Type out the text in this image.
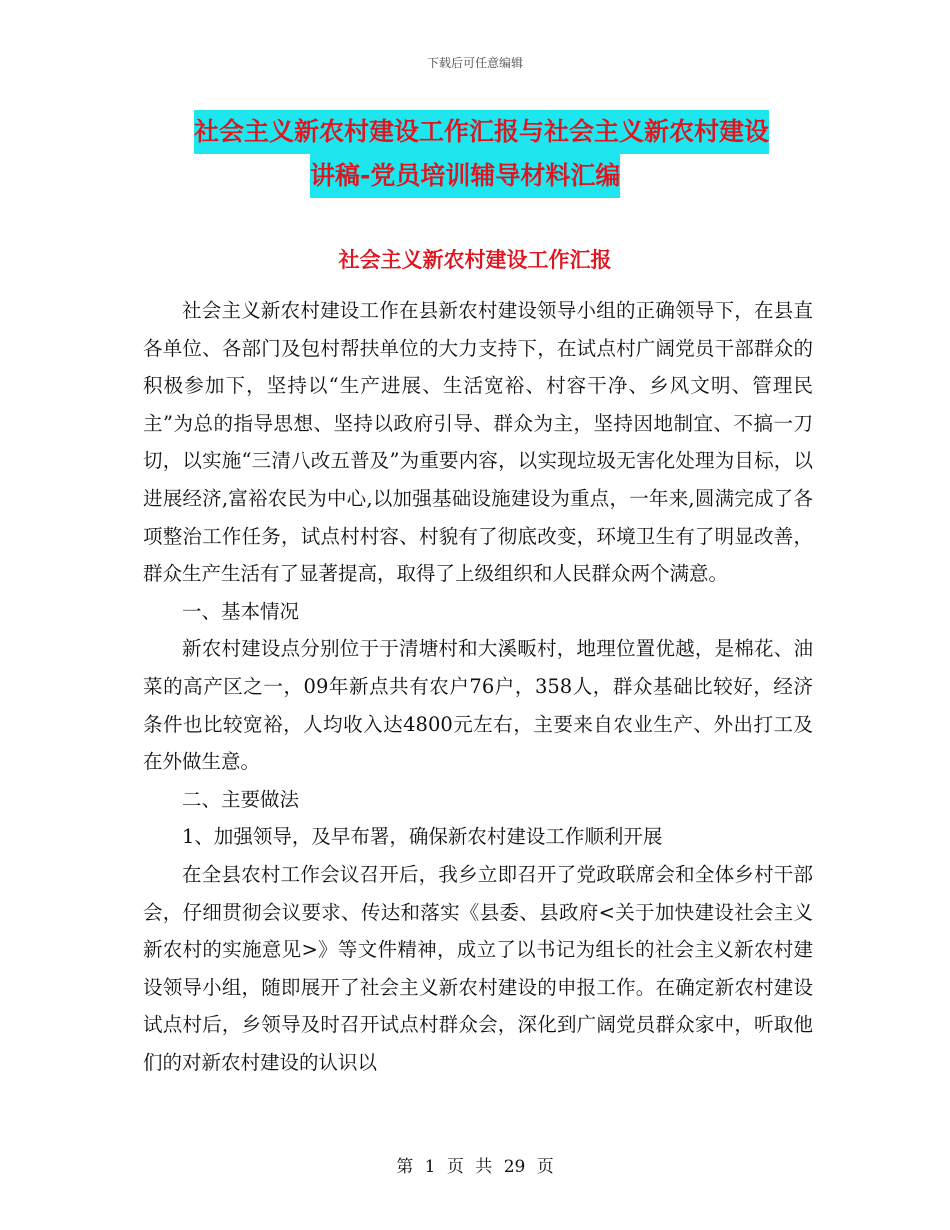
下载后可任意编辑
社会主义新农村建设工作汇报与社会主义新农村建设
讲稿-党员培训辅导材料汇编
社会主义新农村建设工作汇报

社会主义新农村建设工作在县新农村建设领导小组的正确领导下，在县直各单位、各部门及包村帮扶单位的大力支持下，在试点村广阔党员干部群众的积极参加下，坚持以“生产进展、生活宽裕、村容干净、乡风文明、管理民主”为总的指导思想、坚持以政府引导、群众为主，坚持因地制宜、不搞一刀切，以实施“三清八改五普及”为重要内容，以实现垃圾无害化处理为目标，以进展经济,富裕农民为中心,以加强基础设施建设为重点，一年来,圆满完成了各项整治工作任务，试点村村容、村貌有了彻底改变，环境卫生有了明显改善，群众生产生活有了显著提高，取得了上级组织和人民群众两个满意。

一、基本情况

新农村建设点分别位于于清塘村和大溪畈村，地理位置优越，是棉花、油菜的高产区之一，09年新点共有农户76户，358人，群众基础比较好，经济条件也比较宽裕，人均收入达4800元左右，主要来自农业生产、外出打工及在外做生意。

二、主要做法

1、加强领导，及早布署，确保新农村建设工作顺利开展

在全县农村工作会议召开后，我乡立即召开了党政联席会和全体乡村干部会，仔细贯彻会议要求、传达和落实《县委、县政府<关于加快建设社会主义新农村的实施意见>》等文件精神，成立了以书记为组长的社会主义新农村建设领导小组，随即展开了社会主义新农村建设的申报工作。在确定新农村建设试点村后，乡领导及时召开试点村群众会，深化到广阔党员群众家中，听取他们的对新农村建设的认识以

第 1 页 共 29 页
